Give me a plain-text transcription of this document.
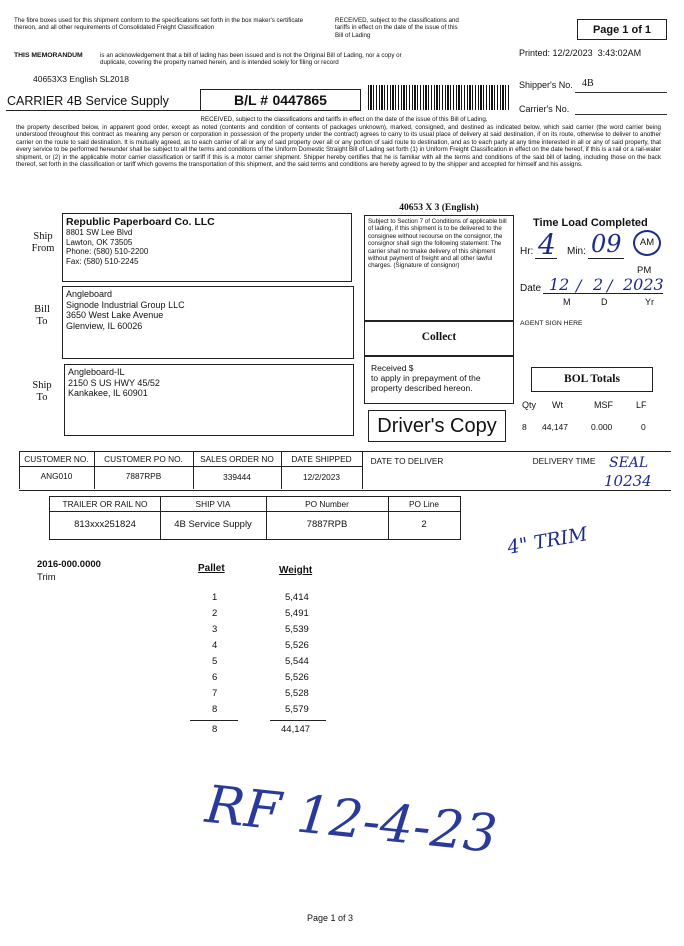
The fibre boxes used for this shipment conform to the specifications set forth in the box maker's certificate thereon, and all other requirements of Consolidated Freight Classification
RECEIVED, subject to the classifications and tariffs in effect on the date of the issue of this Bill of Lading	Page 1 of 1
THIS MEMORANDUM	is an acknowledgement that a bill of lading has been issued and is not the Original Bill of Lading, nor a copy or duplicate, covering the property named herein, and is intended solely for filing or record
Printed: 12/2/2023 3:43:02AM
40653X3 English SL2018
Shipper's No. 4B
CARRIER 4B Service Supply	B/L # 0447865
Carrier's No.
RECEIVED, subject to the classifications and tariffs in effect on the date of the issue of this Bill of Lading,
the property described below, in apparent good order, except as noted (contents and condition of contents of packages unknown), marked, consigned, and destined as indicated below, which said carrier (the word carrier being understood throughout this contract as meaning any person or corporation in possession of the property under the contract) agrees to carry to its usual place of delivery at said destination, if on its route, otherwise to deliver to another carrier on the route to said destination. It is mutually agreed, as to each carrier of all or any of said property over all or any portion of said route to destination, and as to each party at any time interested in all or any of said property, that every service to be performed hereunder shall be subject to all the terms and conditions of the Uniform Domestic Straight Bill of Lading set forth (1) in Uniform Freight Classification in effect on the date hereof, if this is a rail or a rail-water shipment, or (2) in the applicable motor carrier classification or tariff if this is a motor carrier shipment. Shipper hereby certifies that he is familiar with all the terms and conditions of the said bill of lading, including those on the back thereof, set forth in the classification or tariff which governs the transportation of this shipment, and the said terms and conditions are hereby agreed to by the shipper and accepted for himself and his assigns.
Ship From
Republic Paperboard Co. LLC
8801 SW Lee Blvd
Lawton, OK 73505
Phone: (580) 510-2200
Fax: (580) 510-2245
Bill To
Angleboard
Signode Industrial Group LLC
3650 West Lake Avenue
Glenview, IL 60026
Ship To
Angleboard-IL
2150 S US HWY 45/52
Kankakee, IL 60901
40653 X 3 (English)
Subject to Section 7 of Conditions of applicable bill of lading, if this shipment is to be delivered to the consignee without recourse on the consignor, the consignor shall sign the following statement: The carrier shall no tmake delivery of this shipment without payment of freight and all other lawful charges. (Signature of consignor)
Collect
Received $
to apply in prepayment of the property described hereon.
Driver's Copy
Time Load Completed
Hr: 4 Min: 09	AM
PM
Date 12 / 2 / 2023
M	D	Yr
AGENT SIGN HERE
BOL Totals
Qty Wt	MSF	LF
8 44,147	0.000	0
CUSTOMER NO.	CUSTOMER PO NO.	SALES ORDER NO	DATE SHIPPED	DATE TO DELIVER	DELIVERY TIME
ANG010	7887RPB	339444	12/2/2023
SEAL
10234
TRAILER OR RAIL NO	SHIP VIA	PO Number	PO Line
813xxx251824	4B Service Supply	7887RPB	2	4" TRIM
2016-000.0000
Trim
Pallet	Weight
1	5,414
2	5,491
3	5,539
4	5,526
5	5,544
6	5,526
7	5,528
8	5,579
8	44,147
RF 12-4-23
Page 1 of 3
